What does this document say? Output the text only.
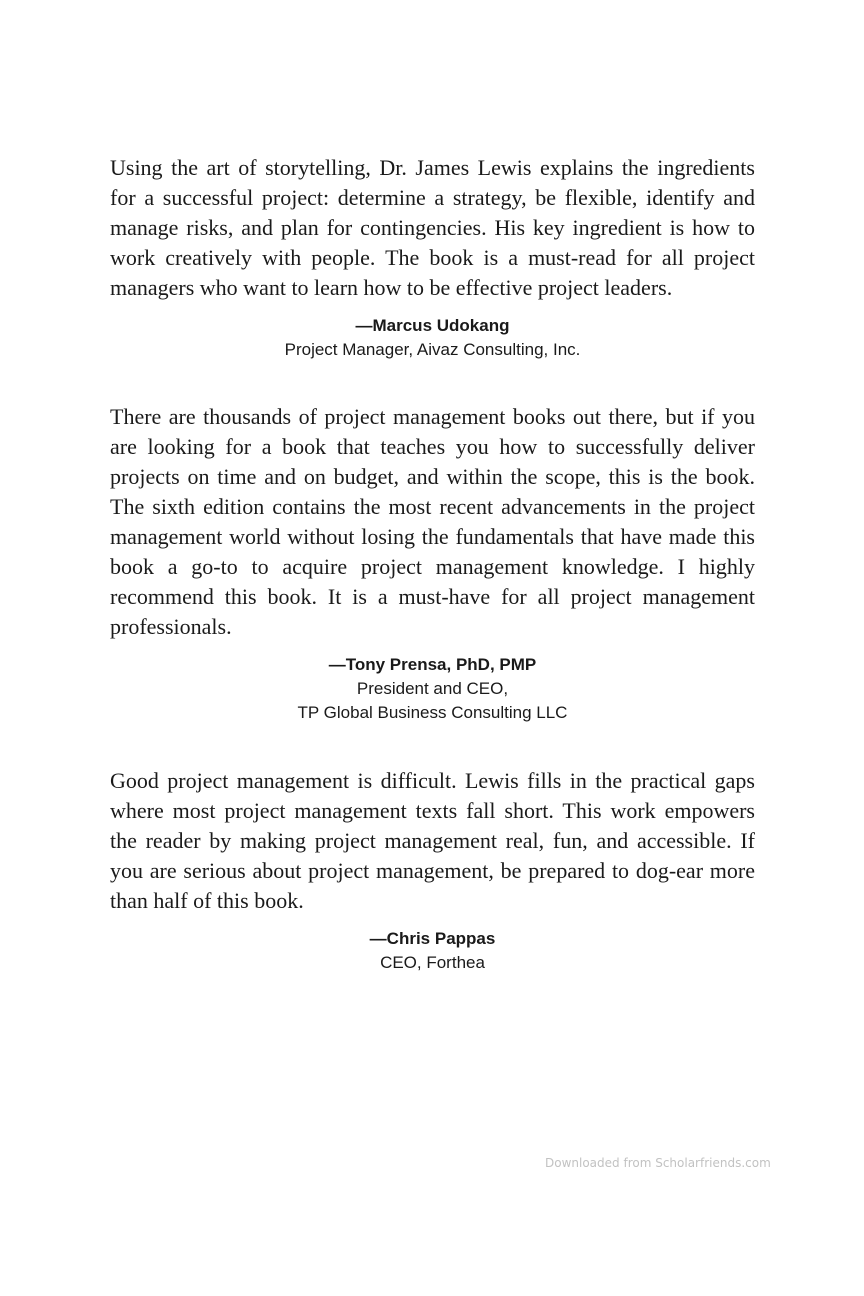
Using the art of storytelling, Dr. James Lewis explains the ingredients for a successful project: determine a strategy, be flexible, identify and manage risks, and plan for contingencies. His key ingredient is how to work creatively with people. The book is a must-read for all project managers who want to learn how to be effective project leaders.

—Marcus Udokang
Project Manager, Aivaz Consulting, Inc.

There are thousands of project management books out there, but if you are looking for a book that teaches you how to successfully deliver projects on time and on budget, and within the scope, this is the book. The sixth edition contains the most recent advancements in the project management world without losing the fundamentals that have made this book a go-to to acquire project management knowledge. I highly recommend this book. It is a must-have for all project management professionals.

—Tony Prensa, PhD, PMP
President and CEO,
TP Global Business Consulting LLC

Good project management is difficult. Lewis fills in the practical gaps where most project management texts fall short. This work empowers the reader by making project management real, fun, and accessible. If you are serious about project management, be prepared to dog-ear more than half of this book.

—Chris Pappas
CEO, Forthea
Downloaded from Scholarfriends.com
